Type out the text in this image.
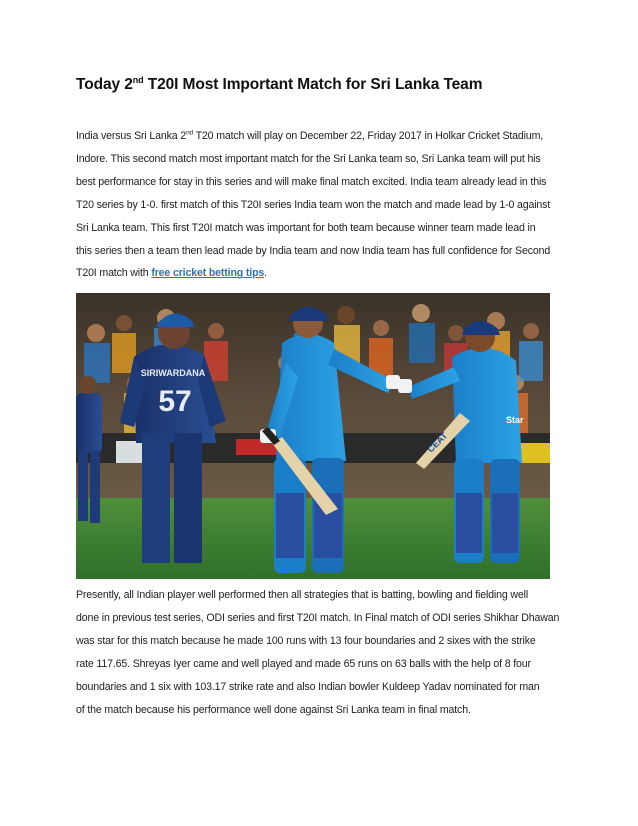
Today 2nd T20I Most Important Match for Sri Lanka Team
India versus Sri Lanka 2nd T20 match will play on December 22, Friday 2017 in Holkar Cricket Stadium,
Indore. This second match most important match for the Sri Lanka team so, Sri Lanka team will put his
best performance for stay in this series and will make final match excited. India team already lead in this
T20 series by 1-0. first match of this T20I series India team won the match and made lead by 1-0 against
Sri Lanka team. This first T20I match was important for both team because winner team made lead in
this series then a team then lead made by India team and now India team has full confidence for Second
T20I match with free cricket betting tips.
SIRIWARDANA
57
CEAT
Star
Presently, all Indian player well performed then all strategies that is batting, bowling and fielding well
done in previous test series, ODI series and first T20I match. In Final match of ODI series Shikhar Dhawan
was star for this match because he made 100 runs with 13 four boundaries and 2 sixes with the strike
rate 117.65. Shreyas Iyer came and well played and made 65 runs on 63 balls with the help of 8 four
boundaries and 1 six with 103.17 strike rate and also Indian bowler Kuldeep Yadav nominated for man
of the match because his performance well done against Sri Lanka team in final match.
